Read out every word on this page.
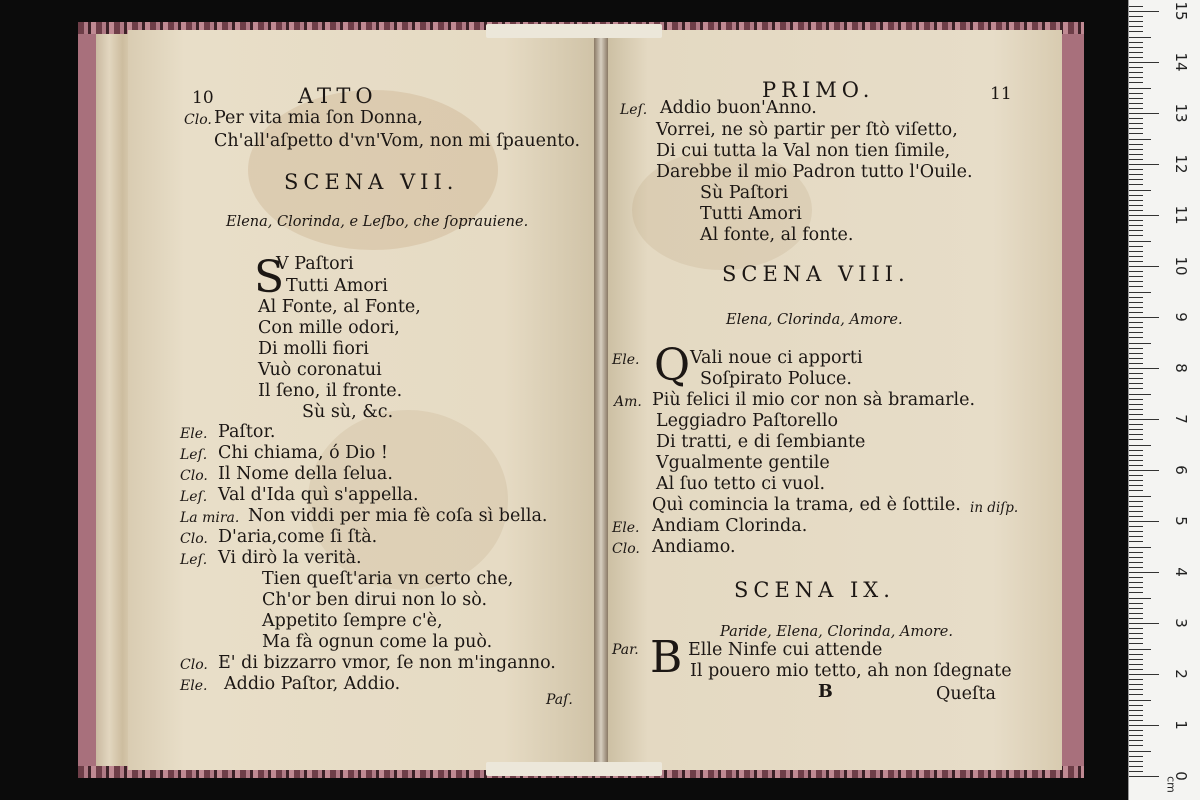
10	ATTO
Clo. Per vita mia ſon Donna,
Ch'all'aſpetto d'vn'Vom, non mi ſpauento.
SCENA VII.
Elena, Clorinda, e Leſbo, che ſoprauiene.
S
V Paſtori
Tutti Amori
Al Fonte, al Fonte,
Con mille odori,
Di molli fiori
Vuò coronatui
Il ſeno, il fronte.
Sù sù, &c.
Ele. Paſtor.
Leſ. Chi chiama, ó Dio !
Clo. Il Nome della ſelua.
Leſ. Val d'Ida quì s'appella.
La mira. Non viddi per mia fè coſa sì bella.
Clo. D'aria,come ſi ſtà.
Leſ. Vi dirò la verità.
Tien queſt'aria vn certo che,
Ch'or ben dirui non lo sò.
Appetito ſempre c'è,
Ma fà ognun come la può.
Clo. E' di bizzarro vmor, ſe non m'inganno.
Ele. Addio Paſtor, Addio.
Paſ.
PRIMO.	11
Leſ. Addio buon'Anno.
Vorrei, ne sò partir per ſtò viſetto,
Di cui tutta la Val non tien ſimile,
Darebbe il mio Padron tutto l'Ouile.
Sù Paſtori
Tutti Amori
Al fonte, al fonte.
SCENA VIII.
Elena, Clorinda, Amore.
Ele. Q Vali noue ci apporti
Soſpirato Poluce.
Am. Più felici il mio cor non sà bramarle.
Leggiadro Paſtorello
Di tratti, e di ſembiante
Vgualmente gentile
Al ſuo tetto ci vuol.
Quì comincia la trama, ed è ſottile. in diſp.
Ele. Andiam Clorinda.
Clo. Andiamo.
SCENA IX.
Paride, Elena, Clorinda, Amore.
Par. B Elle Ninfe cui attende
Il pouero mio tetto, ah non ſdegnate
B	Queſta
0
1
2
3
4
5
6
7
8
9
10
11
12
13
14
15
cm
